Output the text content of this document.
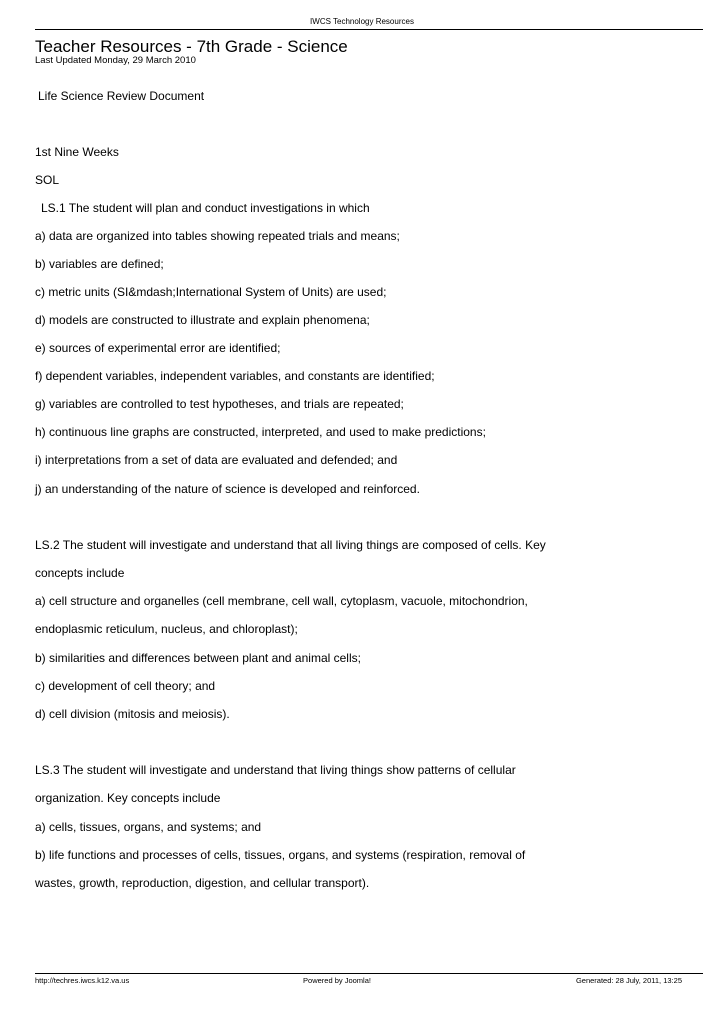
IWCS Technology Resources
Teacher Resources - 7th Grade - Science
Last Updated Monday, 29 March 2010
Life Science Review Document
1st Nine Weeks
SOL
LS.1 The student will plan and conduct investigations in which
a) data are organized into tables showing repeated trials and means;
b) variables are defined;
c) metric units (SI&mdash;International System of Units) are used;
d) models are constructed to illustrate and explain phenomena;
e) sources of experimental error are identified;
f) dependent variables, independent variables, and constants are identified;
g) variables are controlled to test hypotheses, and trials are repeated;
h) continuous line graphs are constructed, interpreted, and used to make predictions;
i) interpretations from a set of data are evaluated and defended; and
j) an understanding of the nature of science is developed and reinforced.
LS.2 The student will investigate and understand that all living things are composed of cells. Key
concepts include
a) cell structure and organelles (cell membrane, cell wall, cytoplasm, vacuole, mitochondrion,
endoplasmic reticulum, nucleus, and chloroplast);
b) similarities and differences between plant and animal cells;
c) development of cell theory; and
d) cell division (mitosis and meiosis).
LS.3 The student will investigate and understand that living things show patterns of cellular
organization. Key concepts include
a) cells, tissues, organs, and systems; and
b) life functions and processes of cells, tissues, organs, and systems (respiration, removal of
wastes, growth, reproduction, digestion, and cellular transport).
http://techres.iwcs.k12.va.us	Powered by Joomla!	Generated: 28 July, 2011, 13:25
